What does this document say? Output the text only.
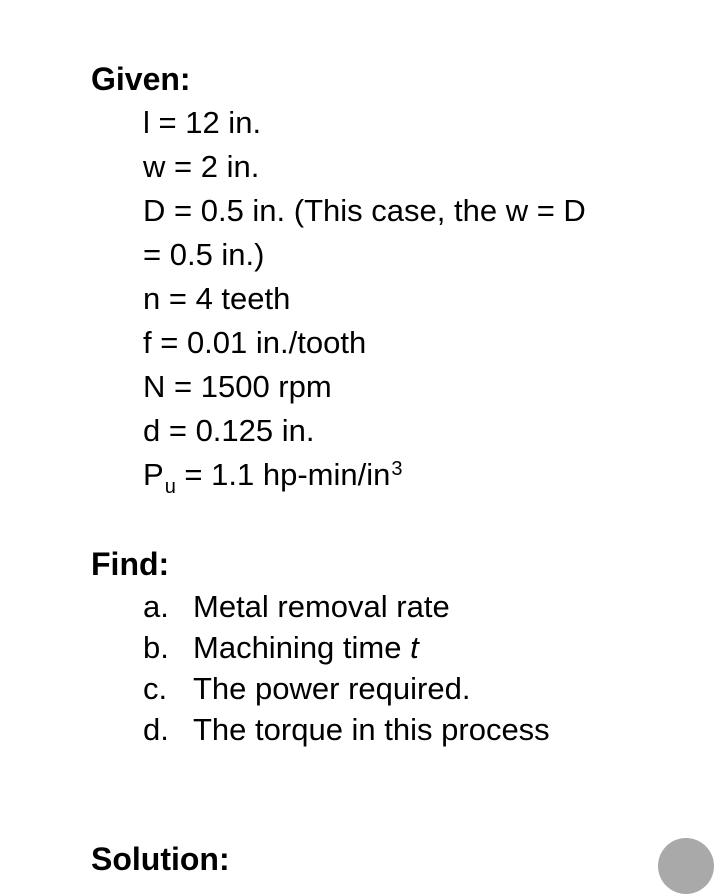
Given:
l = 12 in.
w = 2 in.
D = 0.5 in. (This case, the w = D
= 0.5 in.)
n = 4 teeth
f = 0.01 in./tooth
N = 1500 rpm
d = 0.125 in.
$P_u = 1.1$ $hp-\min/in^3$
Find:
a. Metal removal rate
b. Machining time t
c. The power required.
d. The torque in this process
Solution:
